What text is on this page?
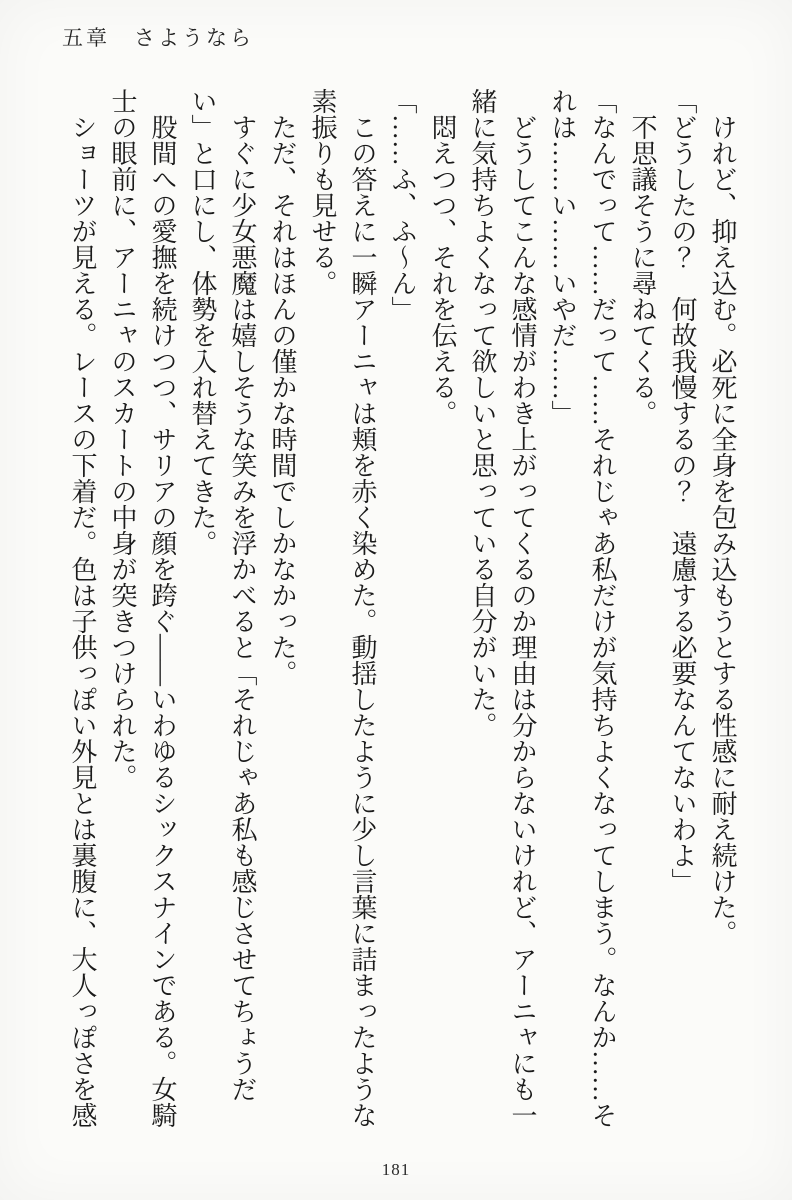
五章　さようなら

けれど、抑え込む。必死に全身を包み込もうとする性感に耐え続けた。

「どうしたの？　何故我慢するの？　遠慮する必要なんてないわよ」

不思議そうに尋ねてくる。

「なんでって……だって……それじゃあ私だけが気持ちよくなってしまう。なんか……それは……い……いやだ……」

どうしてこんな感情がわき上がってくるのか理由は分からないけれど、アーニャにも一緒に気持ちよくなって欲しいと思っている自分がいた。

悶えつつ、それを伝える。

「……ふ、ふ～ん」

この答えに一瞬アーニャは頬を赤く染めた。動揺したように少し言葉に詰まったような素振りも見せる。

ただ、それはほんの僅かな時間でしかなかった。

すぐに少女悪魔は嬉しそうな笑みを浮かべると「それじゃあ私も感じさせてちょうだい」と口にし、体勢を入れ替えてきた。

股間への愛撫を続けつつ、サリアの顔を跨ぐ――いわゆるシックスナインである。女騎士の眼前に、アーニャのスカートの中身が突きつけられた。

ショーツが見える。レースの下着だ。色は子供っぽい外見とは裏腹に、大人っぽさを感

181
